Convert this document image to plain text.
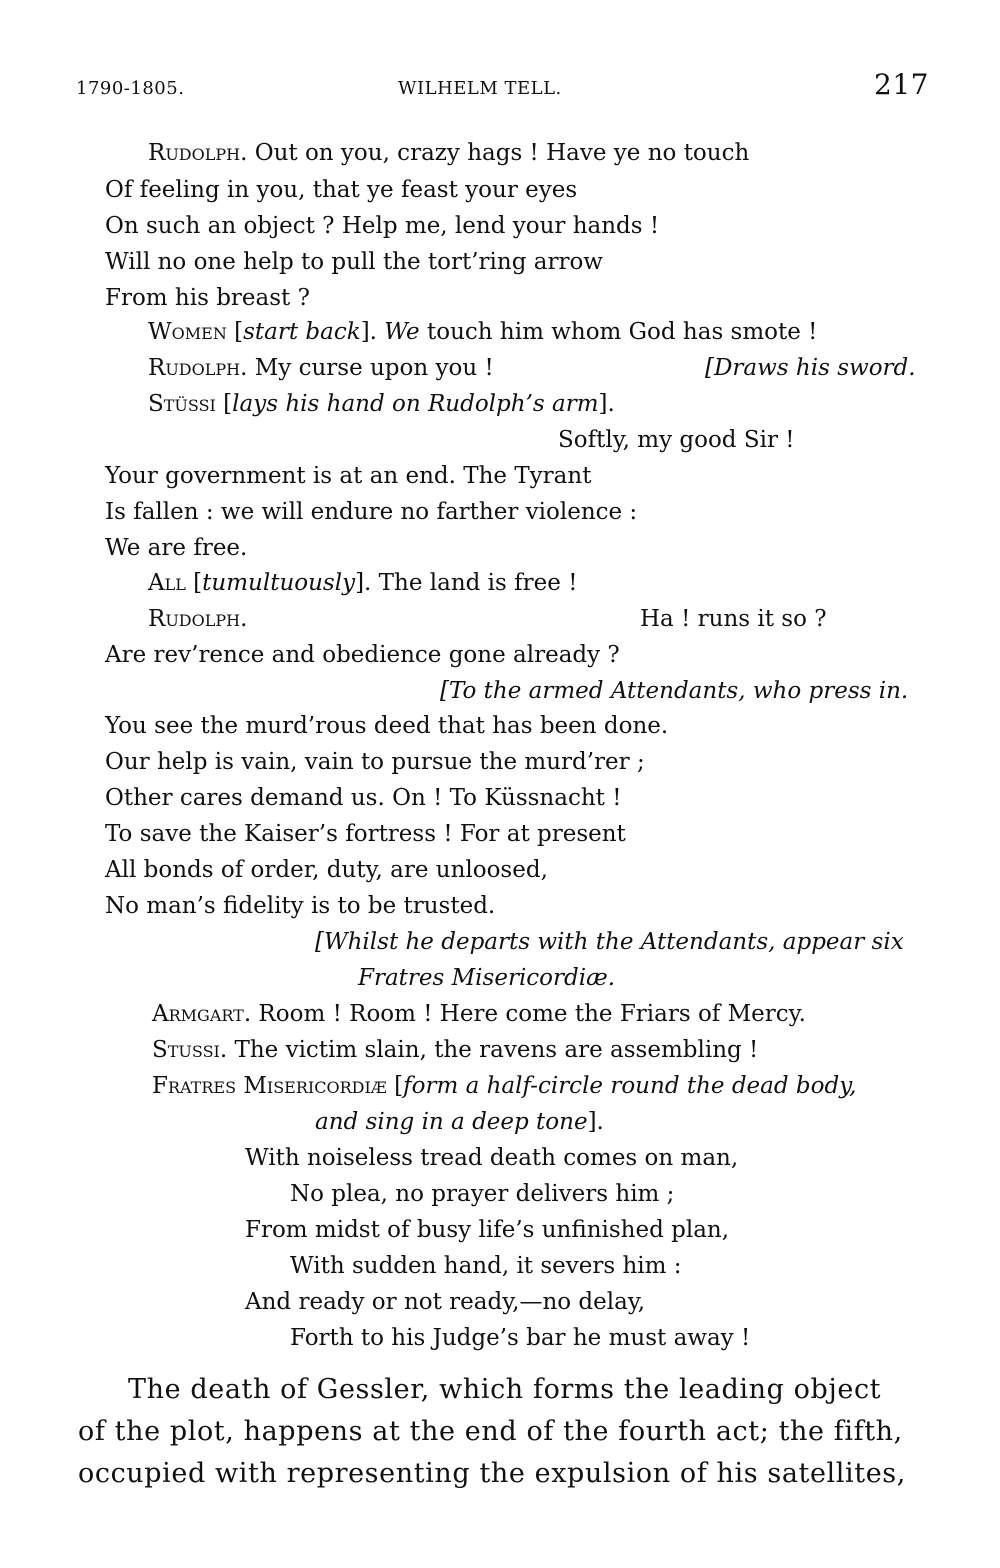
1790-1805.	WILHELM TELL.	217
Rudolph. Out on you, crazy hags ! Have ye no touch
Of feeling in you, that ye feast your eyes
On such an object ? Help me, lend your hands !
Will no one help to pull the tort’ring arrow
From his breast ?
Women [start back]. We touch him whom God has smote !
Rudolph. My curse upon you !	[Draws his sword.
Stüssi [lays his hand on Rudolph’s arm].
Softly, my good Sir !
Your government is at an end. The Tyrant
Is fallen : we will endure no farther violence :
We are free.
All [tumultuously]. The land is free !
Rudolph.	Ha ! runs it so ?
Are rev’rence and obedience gone already ?
[To the armed Attendants, who press in.
You see the murd’rous deed that has been done.
Our help is vain, vain to pursue the murd’rer ;
Other cares demand us. On ! To Küssnacht !
To save the Kaiser’s fortress ! For at present
All bonds of order, duty, are unloosed,
No man’s fidelity is to be trusted.
[Whilst he departs with the Attendants, appear six
Fratres Misericordiæ.
Armgart. Room ! Room ! Here come the Friars of Mercy.
Stussi. The victim slain, the ravens are assembling !
Fratres Misericordiæ [form a half-circle round the dead body,
and sing in a deep tone].
With noiseless tread death comes on man,
No plea, no prayer delivers him ;
From midst of busy life’s unfinished plan,
With sudden hand, it severs him :
And ready or not ready,—no delay,
Forth to his Judge’s bar he must away !
The death of Gessler, which forms the leading object
of the plot, happens at the end of the fourth act; the fifth,
occupied with representing the expulsion of his satellites,
